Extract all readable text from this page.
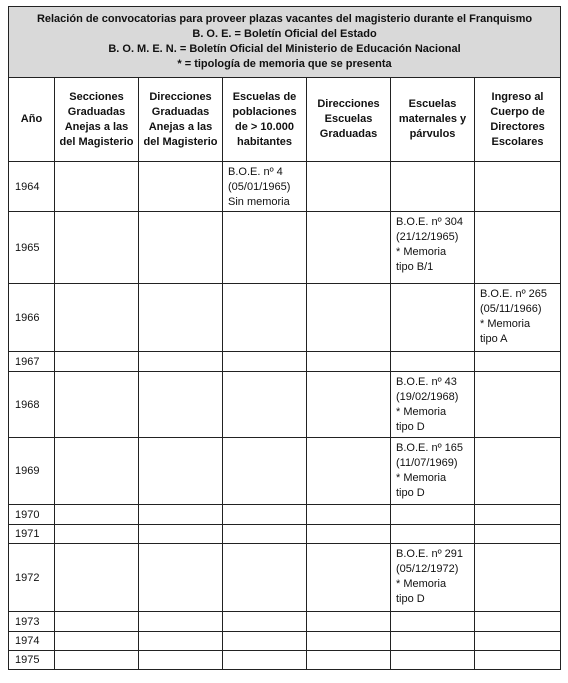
Relación de convocatorias para proveer plazas vacantes del magisterio durante el Franquismo
B. O. E. = Boletín Oficial del Estado
B. O. M. E. N. = Boletín Oficial del Ministerio de Educación Nacional
* = tipología de memoria que se presenta						

Año	Secciones Graduadas Anejas a las del Magisterio	Direcciones Graduadas Anejas a las del Magisterio	Escuelas de poblaciones de > 10.000 habitantes	Direcciones Escuelas Graduadas	Escuelas maternales y párvulos	Ingreso al Cuerpo de Directores Escolares
1964			B.O.E. nº 4
(05/01/1965)
Sin memoria			

1965					B.O.E. nº 304
(21/12/1965)
* Memoria
tipo B/1	

1966						B.O.E. nº 265
(05/11/1966)
* Memoria
tipo A

1967						
1968					B.O.E. nº 43
(19/02/1968)
* Memoria
tipo D	

1969					B.O.E. nº 165
(11/07/1969)
* Memoria
tipo D	

1970						
1971						
1972					B.O.E. nº 291
(05/12/1972)
* Memoria
tipo D	

1973						
1974						
1975						
